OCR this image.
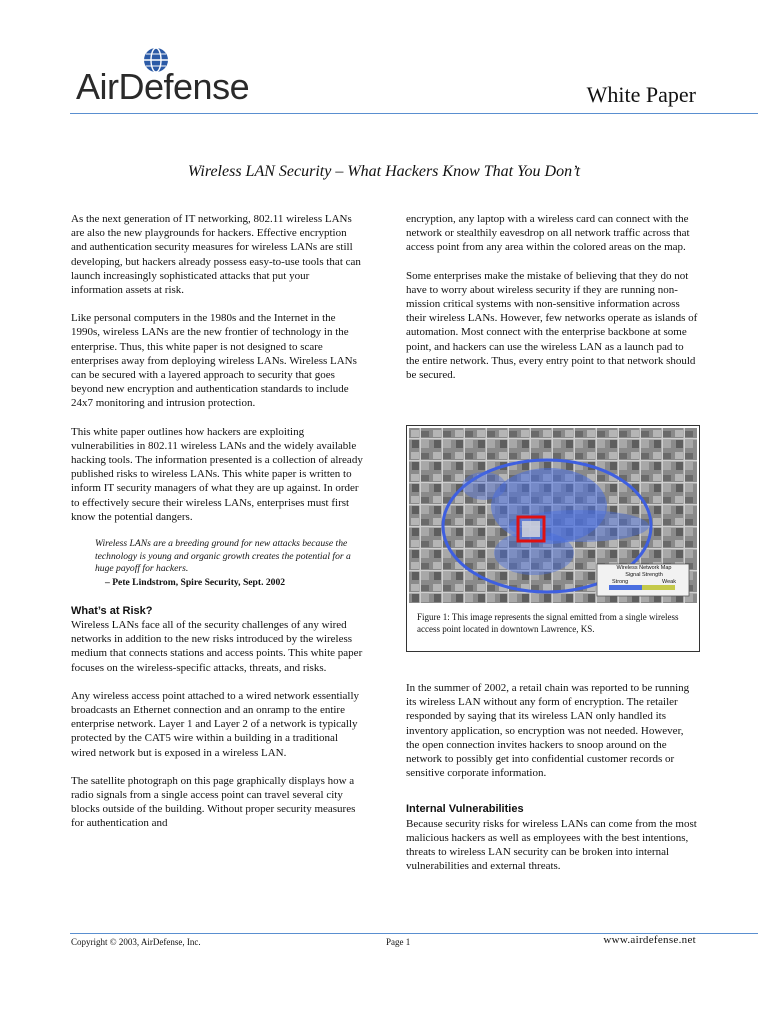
AirDefense	White Paper
Wireless LAN Security – What Hackers Know That You Don’t

As the next generation of IT networking, 802.11 wireless LANs are also the new playgrounds for hackers. Effective encryption and authentication security measures for wireless LANs are still developing, but hackers already possess easy-to-use tools that can launch increasingly sophisticated attacks that put your information assets at risk.

Like personal computers in the 1980s and the Internet in the 1990s, wireless LANs are the new frontier of technology in the enterprise. Thus, this white paper is not designed to scare enterprises away from deploying wireless LANs. Wireless LANs can be secured with a layered approach to security that goes beyond new encryption and authentication standards to include 24x7 monitoring and intrusion protection.

This white paper outlines how hackers are exploiting vulnerabilities in 802.11 wireless LANs and the widely available hacking tools. The information presented is a collection of already published risks to wireless LANs. This white paper is written to inform IT security managers of what they are up against. In order to effectively secure their wireless LANs, enterprises must first know the potential dangers.

Wireless LANs are a breeding ground for new attacks because the technology is young and organic growth creates the potential for a huge payoff for hackers.
– Pete Lindstrom, Spire Security, Sept. 2002
What’s at Risk?

Wireless LANs face all of the security challenges of any wired networks in addition to the new risks introduced by the wireless medium that connects stations and access points. This white paper focuses on the wireless-specific attacks, threats, and risks.

Any wireless access point attached to a wired network essentially broadcasts an Ethernet connection and an onramp to the entire enterprise network. Layer 1 and Layer 2 of a network is typically protected by the CAT5 wire within a building in a traditional wired network but is exposed in a wireless LAN.

The satellite photograph on this page graphically displays how a radio signals from a single access point can travel several city blocks outside of the building. Without proper security measures for authentication and

encryption, any laptop with a wireless card can connect with the network or stealthily eavesdrop on all network traffic across that access point from any area within the colored areas on the map.

Some enterprises make the mistake of believing that they do not have to worry about wireless security if they are running non-mission critical systems with non-sensitive information across their wireless LANs. However, few networks operate as islands of automation. Most connect with the enterprise backbone at some point, and hackers can use the wireless LAN as a launch pad to the entire network. Thus, every entry point to that network should be secured.

Wireless Network Map
Signal Strength
Strong	Weak
Figure 1: This image represents the signal emitted from a single wireless access point located in downtown Lawrence, KS.

In the summer of 2002, a retail chain was reported to be running its wireless LAN without any form of encryption. The retailer responded by saying that its wireless LAN only handled its inventory application, so encryption was not needed. However, the open connection invites hackers to snoop around on the network to possibly get into confidential customer records or sensitive corporate information.

Internal Vulnerabilities

Because security risks for wireless LANs can come from the most malicious hackers as well as employees with the best intentions, threats to wireless LAN security can be broken into internal vulnerabilities and external threats.

Copyright © 2003, AirDefense, Inc.	Page 1	www.airdefense.net
